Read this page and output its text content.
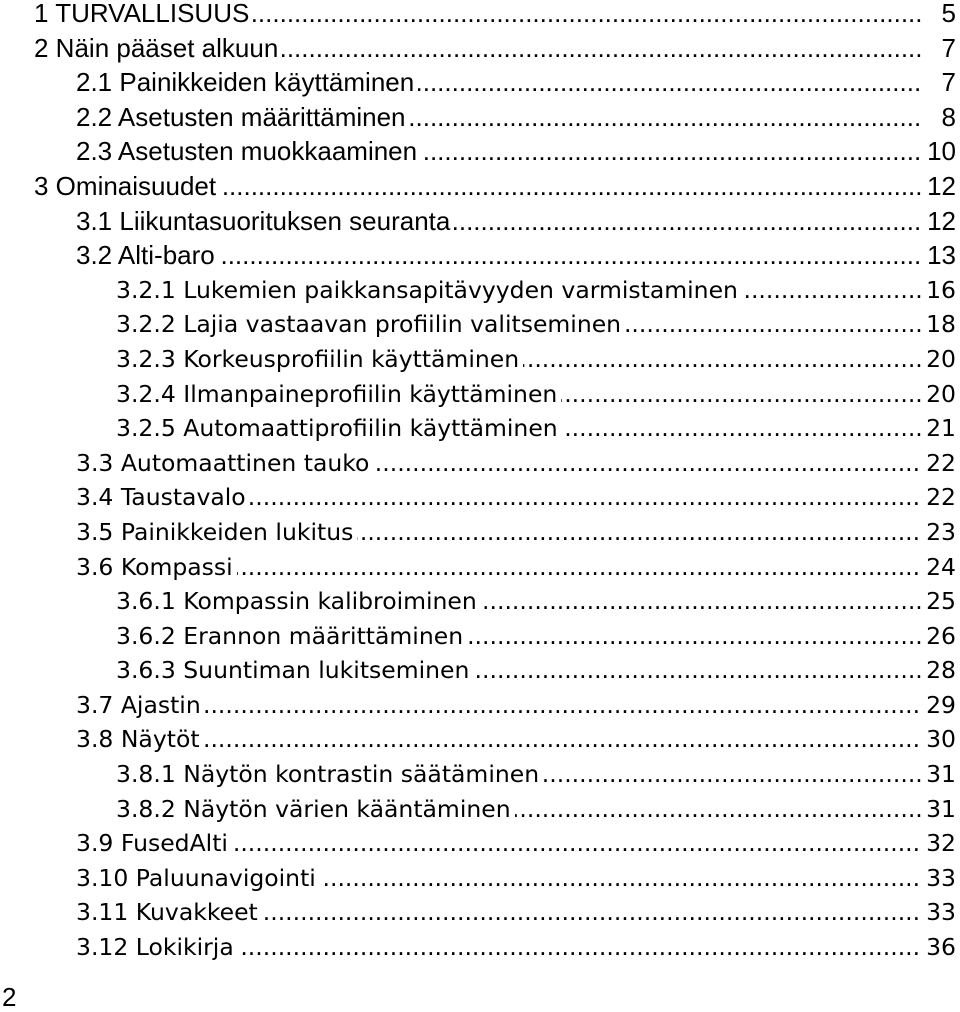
1 TURVALLISUUS .....	5
2 Näin pääset alkuun .....	7
2.1 Painikkeiden käyttäminen .....	7
2.2 Asetusten määrittäminen .....	8
2.3 Asetusten muokkaaminen .....	10
3 Ominaisuudet .....	12
3.1 Liikuntasuorituksen seuranta .....	12
3.2 Alti-baro .....	13
3.2.1 Lukemien paikkansapitävyyden varmistaminen .....	16
3.2.2 Lajia vastaavan profiilin valitseminen .....	18
3.2.3 Korkeusprofiilin käyttäminen .....	20
3.2.4 Ilmanpaineprofiilin käyttäminen .....	20
3.2.5 Automaattiprofiilin käyttäminen .....	21
3.3 Automaattinen tauko .....	22
3.4 Taustavalo .....	22
3.5 Painikkeiden lukitus .....	23
3.6 Kompassi .....	24
3.6.1 Kompassin kalibroiminen .....	25
3.6.2 Erannon määrittäminen .....	26
3.6.3 Suuntiman lukitseminen .....	28
3.7 Ajastin .....	29
3.8 Näytöt .....	30
3.8.1 Näytön kontrastin säätäminen .....	31
3.8.2 Näytön värien kääntäminen .....	31
3.9 FusedAlti .....	32
3.10 Paluunavigointi .....	33
3.11 Kuvakkeet .....	33
3.12 Lokikirja .....	36
2
